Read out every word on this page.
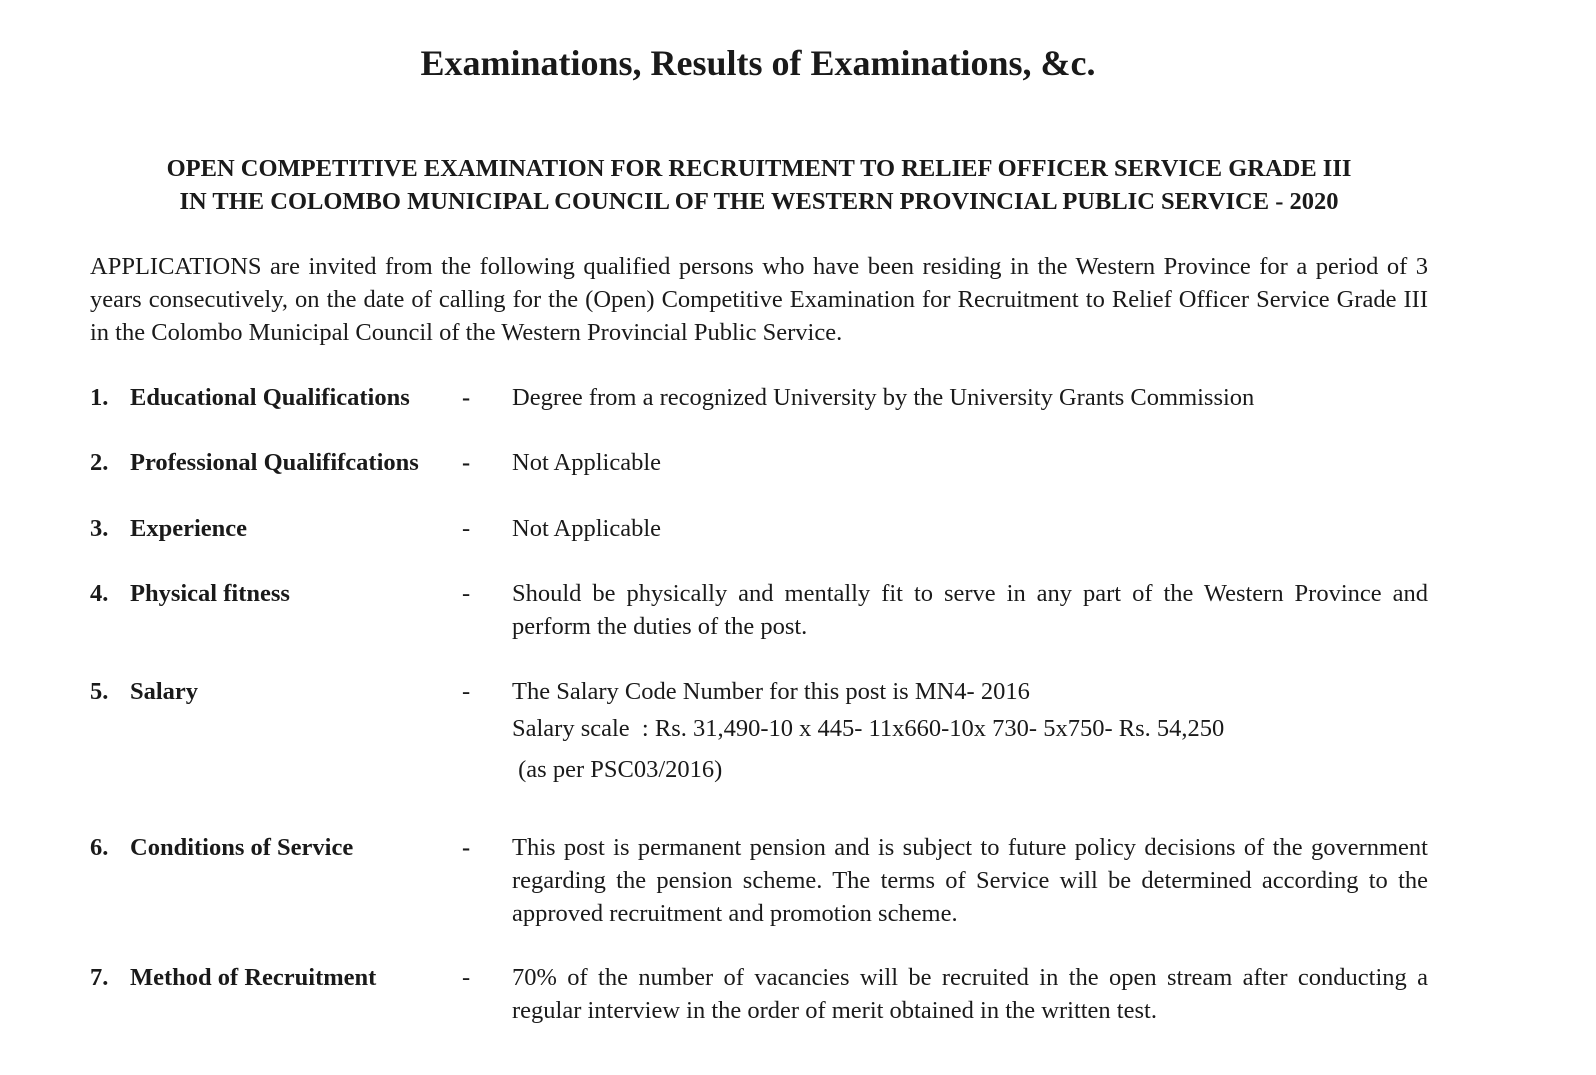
Examinations, Results of Examinations, &c.
OPEN COMPETITIVE EXAMINATION FOR RECRUITMENT TO RELIEF OFFICER SERVICE GRADE III
IN THE COLOMBO MUNICIPAL COUNCIL OF THE WESTERN PROVINCIAL PUBLIC SERVICE - 2020

APPLICATIONS are invited from the following qualified persons who have been residing in the Western Province for a period of 3 years consecutively, on the date of calling for the (Open) Competitive Examination for Recruitment to Relief Officer Service Grade III in the Colombo Municipal Council of the Western Provincial Public Service.

1. Educational Qualifications - Degree from a recognized University by the University Grants Commission
2. Professional Qualififcations - Not Applicable
3. Experience	- Not Applicable
4. Physical fitness	- Should be physically and mentally fit to serve in any part of the Western Province and perform the duties of the post.
5. Salary	- The Salary Code Number for this post is MN4- 2016
Salary scale  : Rs. 31,490-10 x 445- 11x660-10x 730- 5x750- Rs. 54,250
(as per PSC03/2016)
6. Conditions of Service	- This post is permanent pension and is subject to future policy decisions of the government regarding the pension scheme. The terms of Service will be determined according to the approved recruitment and promotion scheme.
7. Method of Recruitment	- 70% of the number of vacancies will be recruited in the open stream after conducting a regular interview in the order of merit obtained in the written test.
